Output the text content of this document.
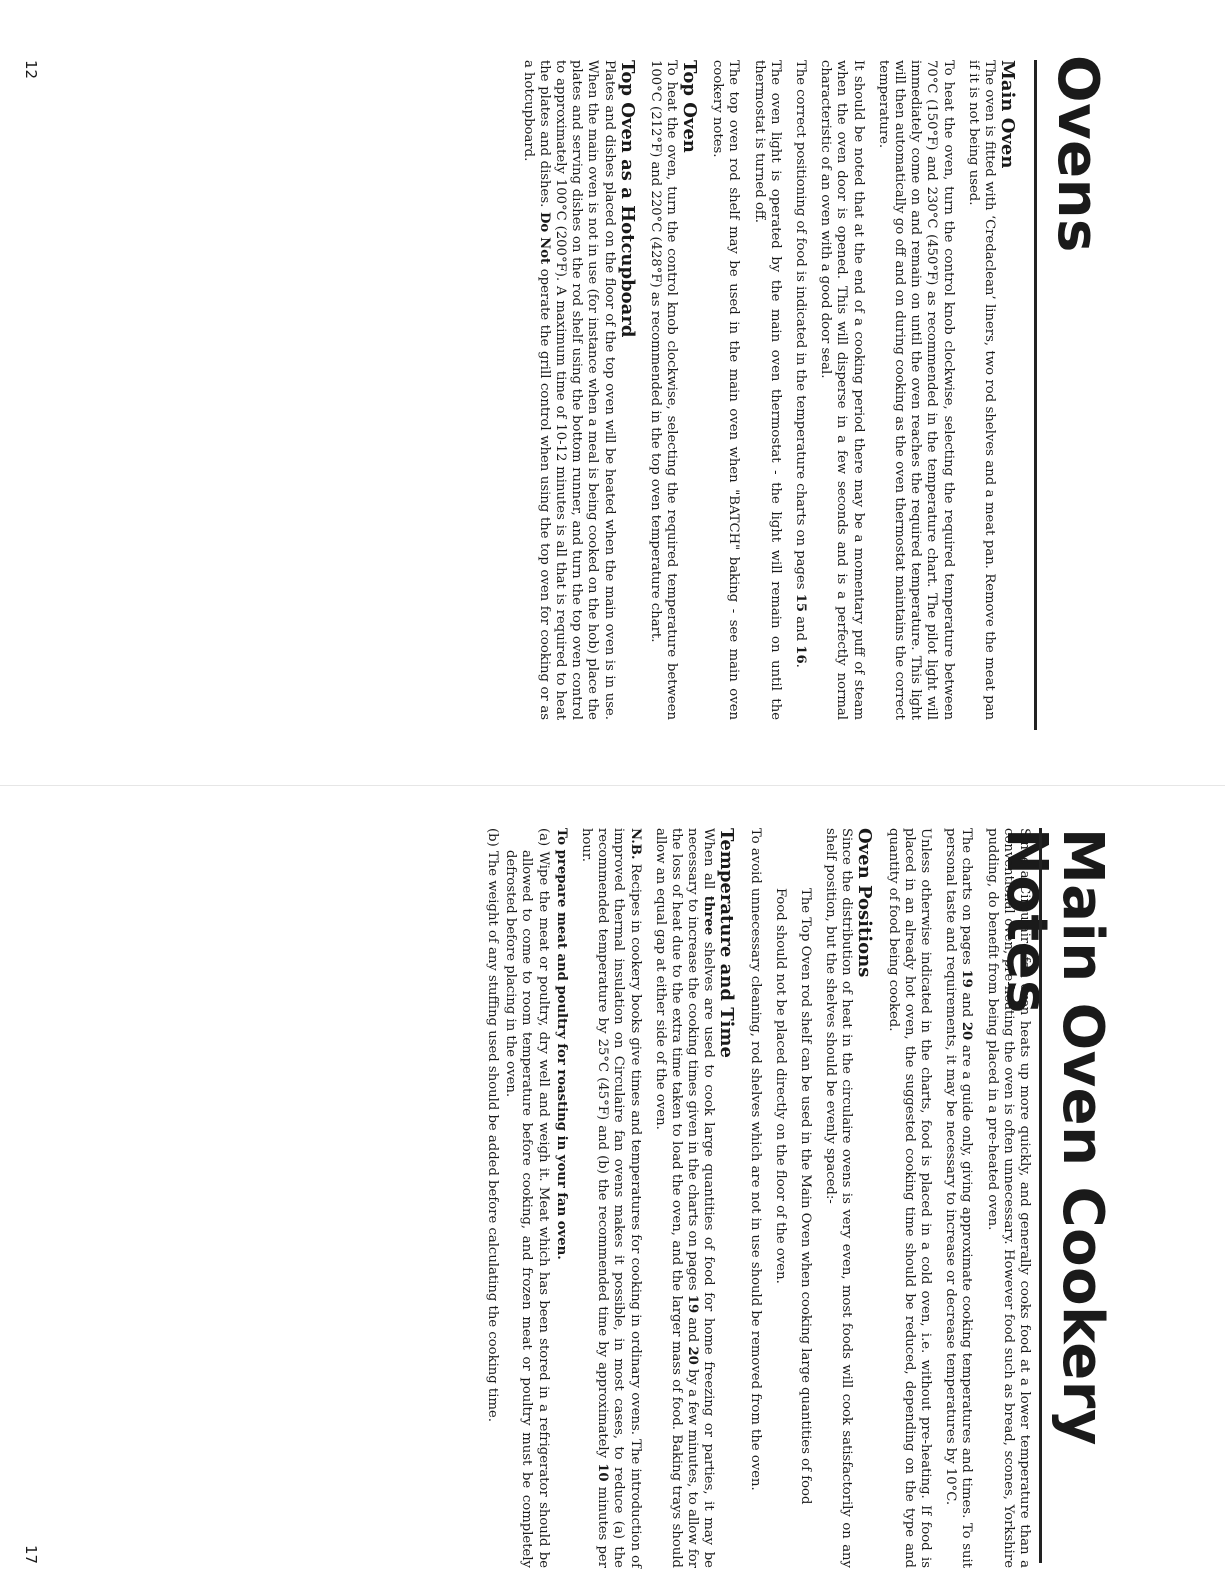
Ovens
Main Oven

The oven is fitted with ‘Credaclean’ liners, two rod shelves and a meat pan. Remove the meat pan if it is not being used.

To heat the oven, turn the control knob clockwise, selecting the required temperature between 70°C (150°F) and 230°C (450°F) as recommended in the temperature chart. The pilot light will immediately come on and remain on until the oven reaches the required temperature. This light will then automatically go off and on during cooking as the oven thermostat maintains the correct temperature.

It should be noted that at the end of a cooking period there may be a momentary puff of steam when the oven door is opened. This will disperse in a few seconds and is a perfectly normal characteristic of an oven with a good door seal.

The correct positioning of food is indicated in the temperature charts on pages 15 and 16.

The oven light is operated by the main oven thermostat - the light will remain on until the thermostat is turned off.

The top oven rod shelf may be used in the main oven when "BATCH" baking - see main oven cookery notes.

Top Oven

To heat the oven, turn the control knob clockwise, selecting the required temperature between 100°C (212°F) and 220°C (428°F) as recommended in the top oven temperature chart.

Top Oven as a Hotcupboard

Plates and dishes placed on the floor of the top oven will be heated when the main oven is in use. When the main oven is not in use (for instance when a meal is being cooked on the hob) place the plates and serving dishes on the rod shelf using the bottom runner, and turn the top oven control to approximately 100°C (200°F). A maximum time of 10-12 minutes is all that is required to heat the plates and dishes. Do Not operate the grill control when using the top oven for cooking or as a hotcupboard.

12
Main Oven Cookery Notes

Since a Circulaire fan oven heats up more quickly, and generally cooks food at a lower temperature than a conventional oven, pre-heating the oven is often unnecessary. However food such as bread, scones, Yorkshire pudding, do benefit from being placed in a pre-heated oven.

The charts on pages 19 and 20 are a guide only, giving approximate cooking temperatures and times. To suit personal taste and requirements, it may be necessary to increase or decrease temperatures by 10°C.

Unless otherwise indicated in the charts, food is placed in a cold oven, i.e. without pre-heating. If food is placed in an already hot oven, the suggested cooking time should be reduced, depending on the type and quantity of food being cooked.

Oven Positions

Since the distribution of heat in the circulaire ovens is very even, most foods will cook satisfactorily on any shelf position, but the shelves should be evenly spaced:-

The Top Oven rod shelf can be used in the Main Oven when cooking large quantities of food

Food should not be placed directly on the floor of the oven.

To avoid unnecessary cleaning, rod shelves which are not in use should be removed from the oven.

Temperature and Time

When all three shelves are used to cook large quantities of food for home freezing or parties, it may be necessary to increase the cooking times given in the charts on pages 19 and 20 by a few minutes, to allow for the loss of heat due to the extra time taken to load the oven, and the larger mass of food. Baking trays should allow an equal gap at either side of the oven.

N.B. Recipes in cookery books give times and temperatures for cooking in ordinary ovens. The introduction of improved thermal insulation on Circulaire fan ovens makes it possible, in most cases, to reduce (a) the recommended temperature by 25°C (45°F) and (b) the recommended time by approximately 10 minutes per hour.

To prepare meat and poultry for roasting in your fan oven.

(a) Wipe the meat or poultry, dry well and weigh it. Meat which has been stored in a refrigerator should be allowed to come to room temperature before cooking, and frozen meat or poultry must be completely defrosted before placing in the oven.

(b) The weight of any stuffing used should be added before calculating the cooking time.

17
